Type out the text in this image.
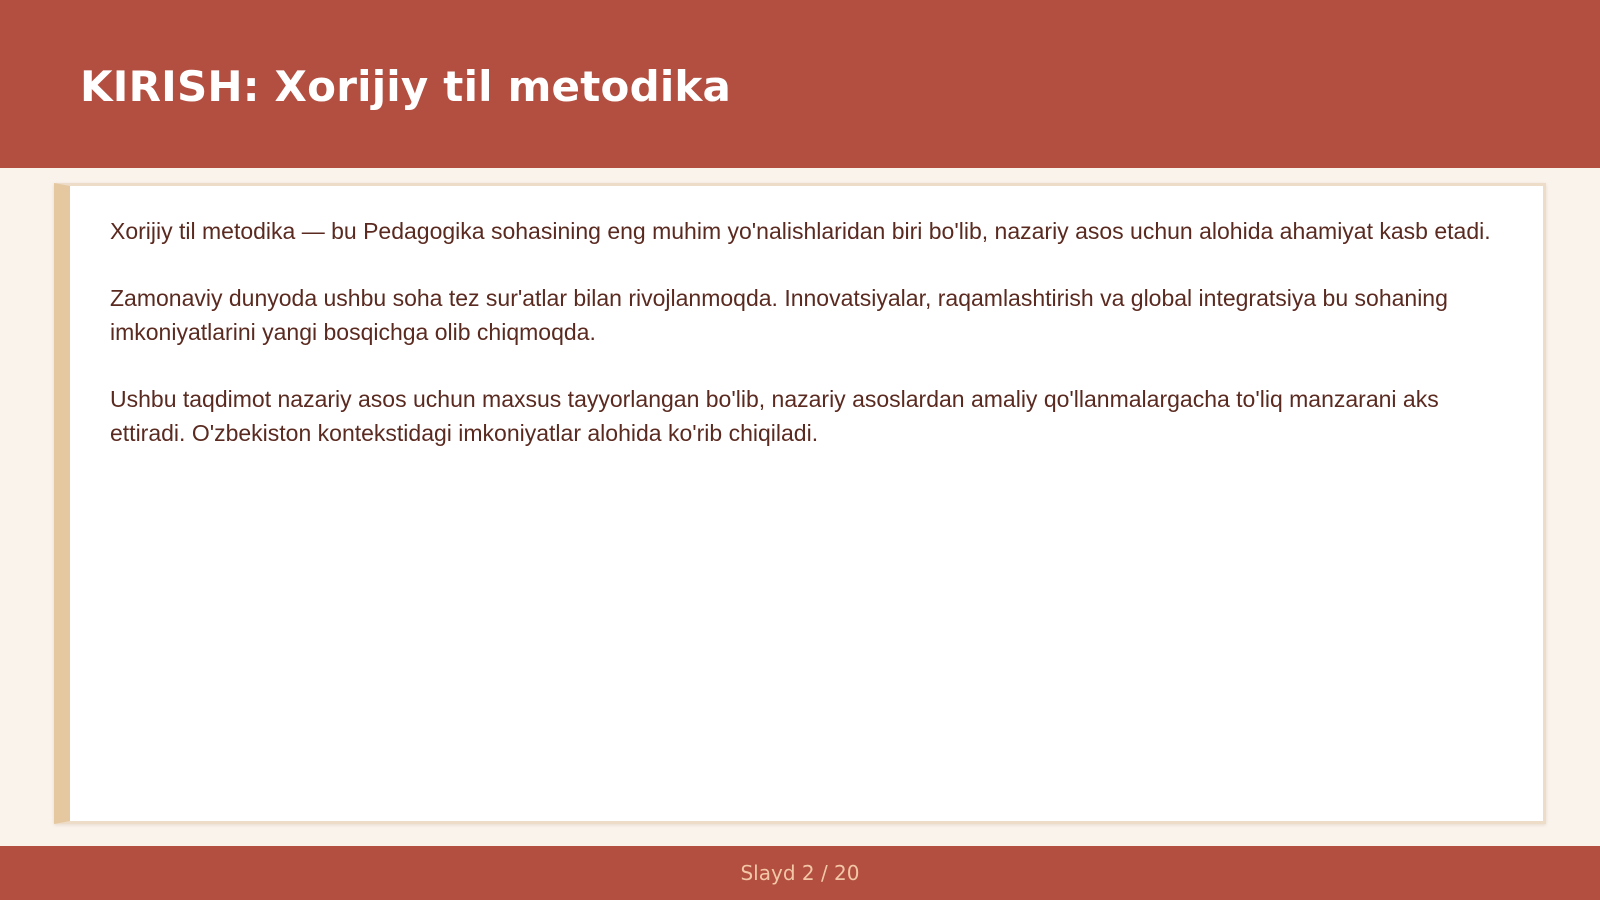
KIRISH: Xorijiy til metodika

Xorijiy til metodika — bu Pedagogika sohasining eng muhim yo'nalishlaridan biri bo'lib, nazariy asos uchun alohida ahamiyat kasb etadi.

Zamonaviy dunyoda ushbu soha tez sur'atlar bilan rivojlanmoqda. Innovatsiyalar, raqamlashtirish va global integratsiya bu sohaning imkoniyatlarini yangi bosqichga olib chiqmoqda.

Ushbu taqdimot nazariy asos uchun maxsus tayyorlangan bo'lib, nazariy asoslardan amaliy qo'llanmalargacha to'liq manzarani aks ettiradi. O'zbekiston kontekstidagi imkoniyatlar alohida ko'rib chiqiladi.

Slayd 2 / 20
